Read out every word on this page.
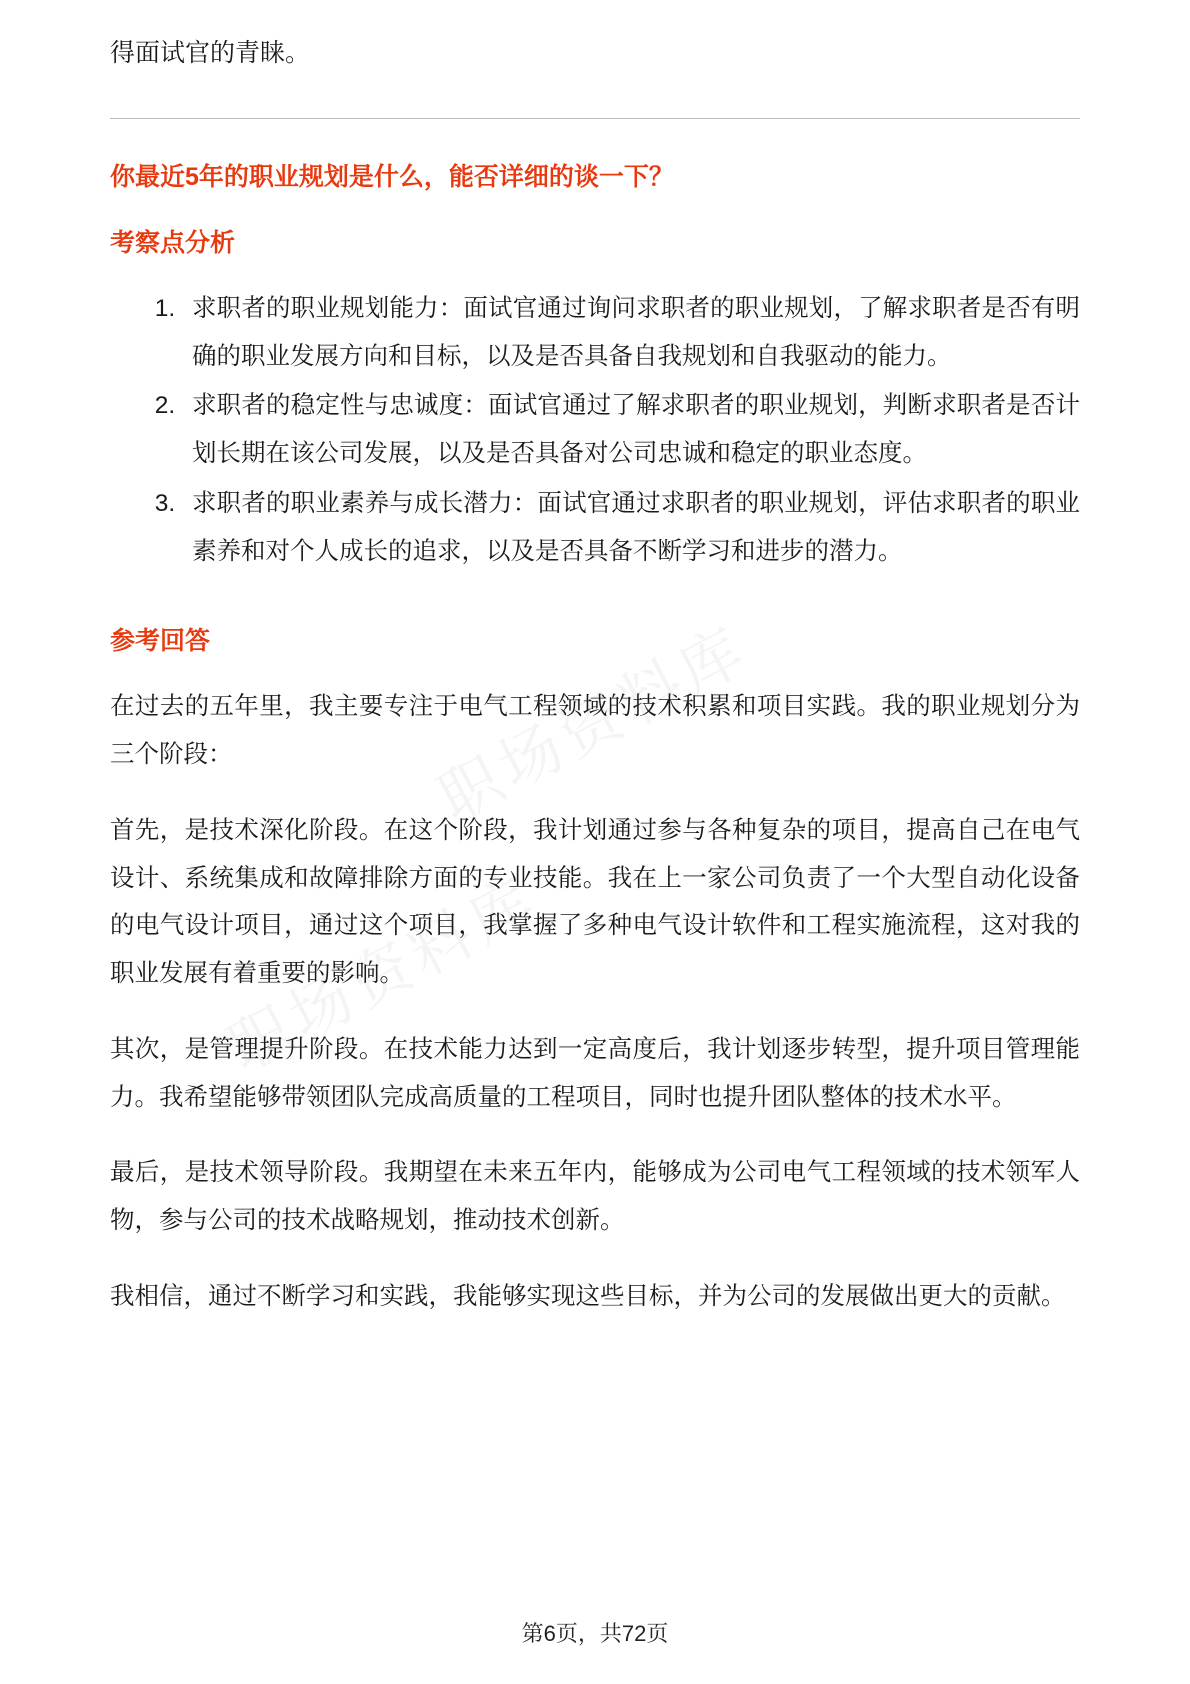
得面试官的青睐。

你最近5年的职业规划是什么，能否详细的谈一下？
考察点分析
1. 求职者的职业规划能力：面试官通过询问求职者的职业规划，了解求职者是否有明确的职业发展方向和目标，以及是否具备自我规划和自我驱动的能力。
2. 求职者的稳定性与忠诚度：面试官通过了解求职者的职业规划，判断求职者是否计划长期在该公司发展，以及是否具备对公司忠诚和稳定的职业态度。
3. 求职者的职业素养与成长潜力：面试官通过求职者的职业规划，评估求职者的职业素养和对个人成长的追求，以及是否具备不断学习和进步的潜力。
参考回答

在过去的五年里，我主要专注于电气工程领域的技术积累和项目实践。我的职业规划分为三个阶段：

首先，是技术深化阶段。在这个阶段，我计划通过参与各种复杂的项目，提高自己在电气设计、系统集成和故障排除方面的专业技能。我在上一家公司负责了一个大型自动化设备的电气设计项目，通过这个项目，我掌握了多种电气设计软件和工程实施流程，这对我的职业发展有着重要的影响。

其次，是管理提升阶段。在技术能力达到一定高度后，我计划逐步转型，提升项目管理能力。我希望能够带领团队完成高质量的工程项目，同时也提升团队整体的技术水平。

最后，是技术领导阶段。我期望在未来五年内，能够成为公司电气工程领域的技术领军人物，参与公司的技术战略规划，推动技术创新。

我相信，通过不断学习和实践，我能够实现这些目标，并为公司的发展做出更大的贡献。

第6页，共72页
